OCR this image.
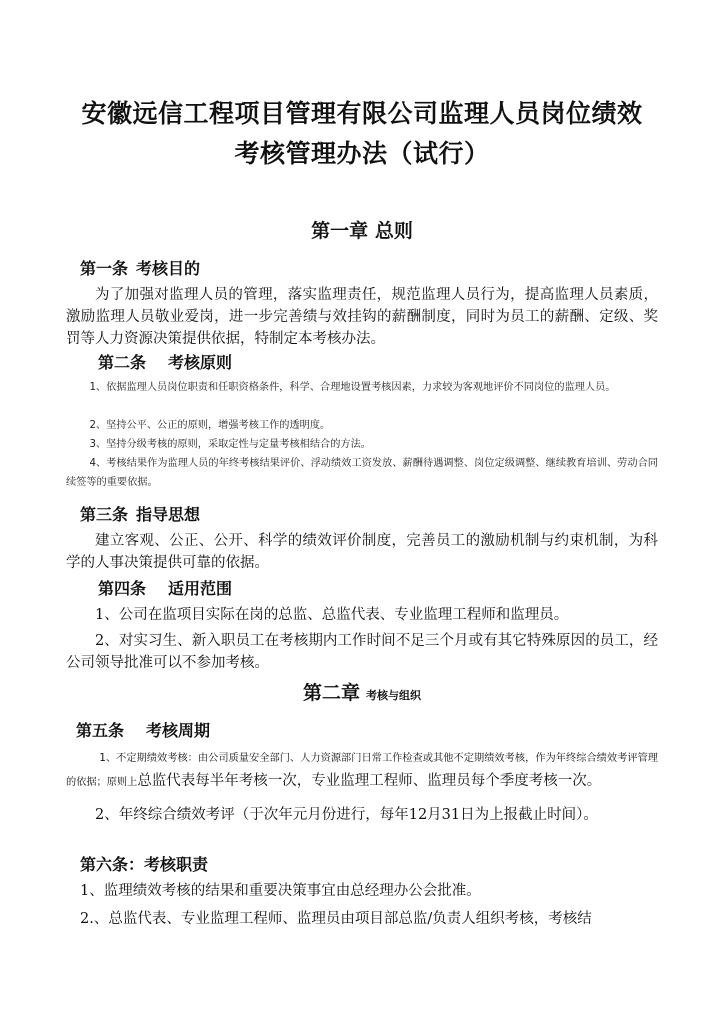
安徽远信工程项目管理有限公司监理人员岗位绩效
考核管理办法（试行）
第一章 总则
第一条 考核目的
为了加强对监理人员的管理，落实监理责任，规范监理人员行为，提高监理人员素质，激励监理人员敬业爱岗，进一步完善绩与效挂钩的薪酬制度，同时为员工的薪酬、定级、奖罚等人力资源决策提供依据，特制定本考核办法。
第二条 考核原则
1、依据监理人员岗位职责和任职资格条件，科学、合理地设置考核因素，力求较为客观地评价不同岗位的监理人员。
2、坚持公平、公正的原则，增强考核工作的透明度。
3、坚持分级考核的原则，采取定性与定量考核相结合的方法。
4、考核结果作为监理人员的年终考核结果评价、浮动绩效工资发放、薪酬待遇调整、岗位定级调整、继续教育培训、劳动合同续签等的重要依据。
第三条 指导思想
建立客观、公正、公开、科学的绩效评价制度，完善员工的激励机制与约束机制，为科学的人事决策提供可靠的依据。
第四条 适用范围
1、公司在监项目实际在岗的总监、总监代表、专业监理工程师和监理员。
2、对实习生、新入职员工在考核期内工作时间不足三个月或有其它特殊原因的员工，经公司领导批准可以不参加考核。
第二章 考核与组织
第五条 考核周期
1、不定期绩效考核：由公司质量安全部门、人力资源部门日常工作检查或其他不定期绩效考核，作为年终综合绩效考评管理的依据；原则上总监代表每半年考核一次，专业监理工程师、监理员每个季度考核一次。
2、年终综合绩效考评（于次年元月份进行，每年12月31日为上报截止时间）。
第六条：考核职责
1、监理绩效考核的结果和重要决策事宜由总经理办公会批准。
2.、总监代表、专业监理工程师、监理员由项目部总监/负责人组织考核，考核结
